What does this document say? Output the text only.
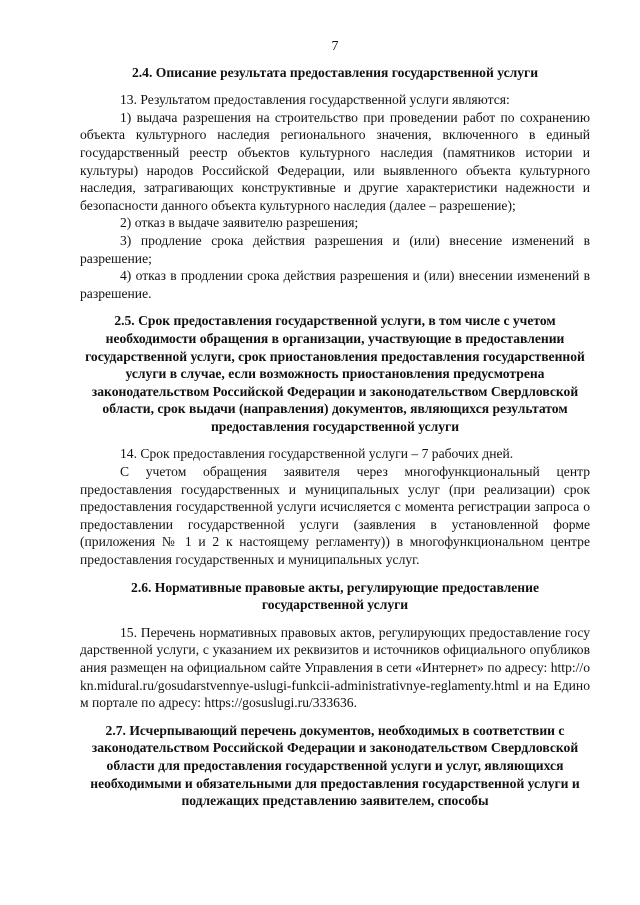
7
2.4. Описание результата предоставления государственной услуги

13. Результатом предоставления государственной услуги являются:

1) выдача разрешения на строительство при проведении работ по сохранению объекта культурного наследия регионального значения, включенного в единый государственный реестр объектов культурного наследия (памятников истории и культуры) народов Российской Федерации, или выявленного объекта культурного наследия, затрагивающих конструктивные и другие характеристики надежности и безопасности данного объекта культурного наследия (далее – разрешение);

2) отказ в выдаче заявителю разрешения;

3) продление срока действия разрешения и (или) внесение изменений в разрешение;

4) отказ в продлении срока действия разрешения и (или) внесении изменений в разрешение.

2.5. Срок предоставления государственной услуги, в том числе с учетом необходимости обращения в организации, участвующие в предоставлении государственной услуги, срок приостановления предоставления государственной услуги в случае, если возможность приостановления предусмотрена законодательством Российской Федерации и законодательством Свердловской области, срок выдачи (направления) документов, являющихся результатом предоставления государственной услуги

14. Срок предоставления государственной услуги – 7 рабочих дней.

С учетом обращения заявителя через многофункциональный центр предоставления государственных и муниципальных услуг (при реализации) срок предоставления государственной услуги исчисляется с момента регистрации запроса о предоставлении государственной услуги (заявления в установленной форме (приложения № 1 и 2 к настоящему регламенту)) в многофункциональном центре предоставления государственных и муниципальных услуг.

2.6. Нормативные правовые акты, регулирующие предоставление государственной услуги

15. Перечень нормативных правовых актов, регулирующих предоставление государственной услуги, с указанием их реквизитов и источников официального опубликования размещен на официальном сайте Управления в сети «Интернет» по адресу: http://okn.midural.ru/gosudarstvennye-uslugi-funkcii-administrativnye-reglamenty.html и на Едином портале по адресу: https://gosuslugi.ru/333636.

2.7. Исчерпывающий перечень документов, необходимых в соответствии с законодательством Российской Федерации и законодательством Свердловской области для предоставления государственной услуги и услуг, являющихся необходимыми и обязательными для предоставления государственной услуги и подлежащих представлению заявителем, способы
